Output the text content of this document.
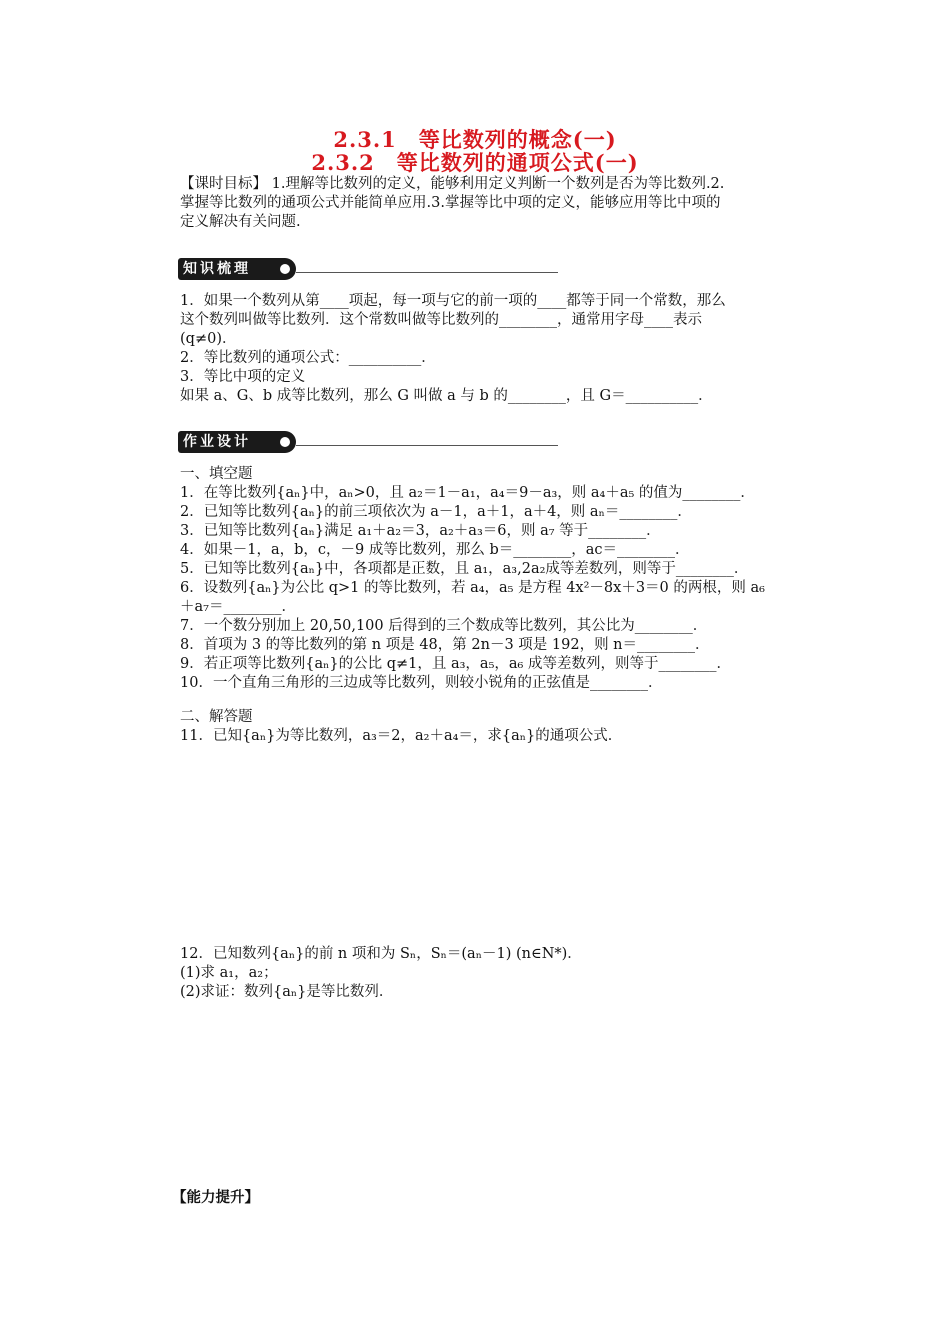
2.3.1　等比数列的概念(一)
2.3.2　等比数列的通项公式(一)
【课时目标】 1.理解等比数列的定义，能够利用定义判断一个数列是否为等比数列.2.
掌握等比数列的通项公式并能简单应用.3.掌握等比中项的定义，能够应用等比中项的
定义解决有关问题.
知识梳理
1．如果一个数列从第____项起，每一项与它的前一项的____都等于同一个常数，那么
这个数列叫做等比数列．这个常数叫做等比数列的________，通常用字母____表示
(q≠0)．
2．等比数列的通项公式：__________．
3．等比中项的定义
如果 a、G、b 成等比数列，那么 G 叫做 a 与 b 的________，且 G＝__________．
作业设计
一、填空题
1．在等比数列{aₙ}中，aₙ>0，且 a₂＝1－a₁，a₄＝9－a₃，则 a₄＋a₅ 的值为________．
2．已知等比数列{aₙ}的前三项依次为 a－1，a＋1，a＋4，则 aₙ＝________．
3．已知等比数列{aₙ}满足 a₁＋a₂＝3，a₂＋a₃＝6，则 a₇ 等于________．
4．如果－1，a，b，c，－9 成等比数列，那么 b＝________，ac＝________．
5．已知等比数列{aₙ}中，各项都是正数，且 a₁，a₃,2a₂成等差数列，则等于________．
6．设数列{aₙ}为公比 q>1 的等比数列，若 a₄，a₅ 是方程 4x²－8x＋3＝0 的两根，则 a₆
＋a₇＝________．
7．一个数分别加上 20,50,100 后得到的三个数成等比数列，其公比为________．
8．首项为 3 的等比数列的第 n 项是 48，第 2n－3 项是 192，则 n＝________．
9．若正项等比数列{aₙ}的公比 q≠1，且 a₃，a₅，a₆ 成等差数列，则等于________．
10．一个直角三角形的三边成等比数列，则较小锐角的正弦值是________．
二、解答题
11．已知{aₙ}为等比数列，a₃＝2，a₂＋a₄＝，求{aₙ}的通项公式．
12．已知数列{aₙ}的前 n 项和为 Sₙ，Sₙ＝(aₙ－1) (n∈N*)．
(1)求 a₁，a₂；
(2)求证：数列{aₙ}是等比数列．
【能力提升】
